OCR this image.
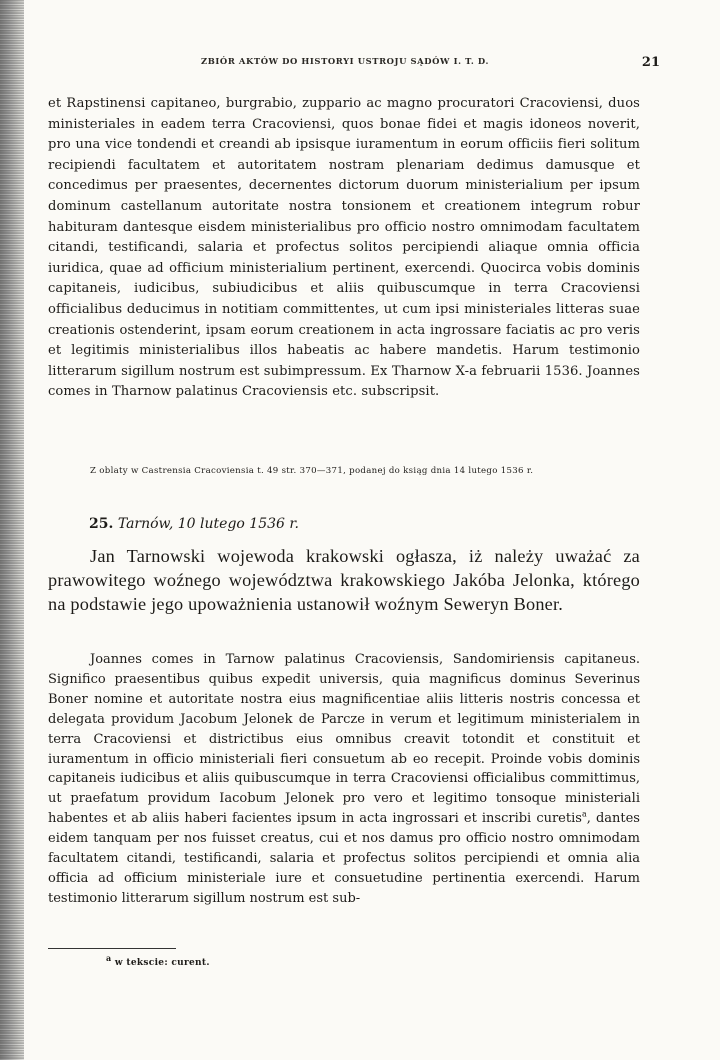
ZBIÓR AKTÓW DO HISTORYI USTROJU SĄDÓW I. T. D.	21

et Rapstinensi capitaneo, burgrabio, zuppario ac magno procuratori Cracoviensi, duos ministeriales in eadem terra Cracoviensi, quos bonae fidei et magis idoneos noverit, pro una vice tondendi et creandi ab ipsisque iuramentum in eorum officiis fieri solitum recipiendi facultatem et autoritatem nostram plenariam dedimus damusque et concedimus per praesentes, decernentes dictorum duorum ministerialium per ipsum dominum castellanum autoritate nostra tonsionem et creationem integrum robur habituram dantesque eisdem ministerialibus pro officio nostro omnimodam facultatem citandi, testificandi, salaria et profectus solitos percipiendi aliaque omnia officia iuridica, quae ad officium ministerialium pertinent, exercendi. Quocirca vobis dominis capitaneis, iudicibus, subiudicibus et aliis quibuscumque in terra Cracoviensi officialibus deducimus in notitiam committentes, ut cum ipsi ministeriales litteras suae creationis ostenderint, ipsam eorum creationem in acta ingrossare faciatis ac pro veris et legitimis ministerialibus illos habeatis ac habere mandetis. Harum testimonio litterarum sigillum nostrum est subimpressum. Ex Tharnow X-a februarii 1536. Joannes comes in Tharnow palatinus Cracoviensis etc. subscripsit.

Z oblaty w Castrensia Cracoviensia t. 49 str. 370—371, podanej do ksiąg dnia 14 lutego 1536 r.

25. Tarnów, 10 lutego 1536 r.

Jan Tarnowski wojewoda krakowski ogłasza, iż należy uważać za prawowitego woźnego województwa krakowskiego Jakóba Jelonka, którego na podstawie jego upoważnienia ustanowił woźnym Seweryn Boner.

Joannes comes in Tarnow palatinus Cracoviensis, Sandomiriensis capitaneus. Significo praesentibus quibus expedit universis, quia magnificus dominus Severinus Boner nomine et autoritate nostra eius magnificentiae aliis litteris nostris concessa et delegata providum Jacobum Jelonek de Parcze in verum et legitimum ministerialem in terra Cracoviensi et districtibus eius omnibus creavit totondit et constituit et iuramentum in officio ministeriali fieri consuetum ab eo recepit. Proinde vobis dominis capitaneis iudicibus et aliis quibuscumque in terra Cracoviensi officialibus committimus, ut praefatum providum Iacobum Jelonek pro vero et legitimo tonsoque ministeriali habentes et ab aliis haberi facientes ipsum in acta ingrossari et inscribi curetis$^a$, dantes eidem tanquam per nos fuisset creatus, cui et nos damus pro officio nostro omnimodam facultatem citandi, testificandi, salaria et profectus solitos percipiendi et omnia alia officia ad officium ministeriale iure et consuetudine pertinentia exercendi. Harum testimonio litterarum sigillum nostrum est sub-

$^a$ w tekscie: curent.
